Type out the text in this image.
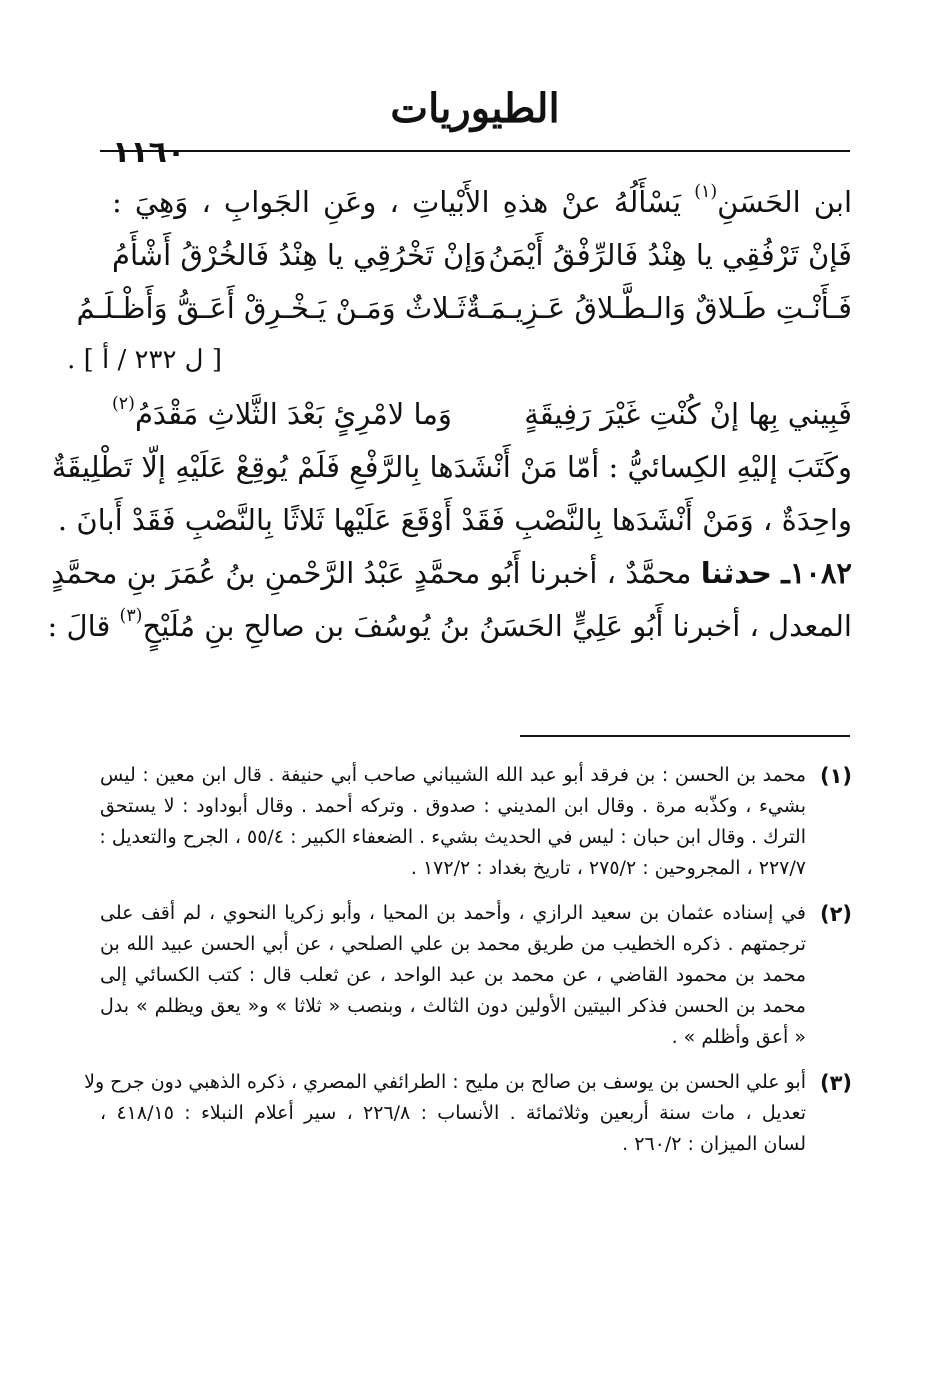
الطيوريات
١١٦٠
ابن الحَسَنِ$^{(١)}$ يَسْأَلُهُ عنْ هذهِ الأَبْياتِ ، وعَنِ الجَوابِ ، وَهِيَ :
فَإنْ تَرْفُقِي يا هِنْدُ فَالرِّفْقُ أَيْمَنُ
وَإنْ تَخْرُقِي يا هِنْدُ فَالخُرْقُ أَشْأَمُ
فَـأَنْـتِ طَـلاقٌ وَالـطَّـلاقُ عَـزِيـمَـةٌ
ثَـلاثٌ وَمَـنْ يَـخْـرِقْ أَعَـقُّ وَأَظْـلَـمُ
[ ل ٢٣٢ / أ ] .
فَبِيني بِها إنْ كُنْتِ غَيْرَ رَفِيقَةٍ
وَما لامْرِئٍ بَعْدَ الثَّلاثِ مَقْدَمُ$^{(٢)}$
وكَتَبَ إليْهِ الكِسائيُّ : أمّا مَنْ أَنْشَدَها بِالرَّفْعِ فَلَمْ يُوقِعْ عَلَيْهِ إلّا تَطْلِيقَةٌ
واحِدَةٌ ، وَمَنْ أَنْشَدَها بِالنَّصْبِ فَقَدْ أَوْقَعَ عَلَيْها ثَلاثًا بِالنَّصْبِ فَقَدْ أَبانَ .
١٠٨٢ـ حدثنا محمَّدٌ ، أخبرنا أَبُو محمَّدٍ عَبْدُ الرَّحْمنِ بنُ عُمَرَ بنِ محمَّدٍ
المعدل ، أخبرنا أَبُو عَلِيٍّ الحَسَنُ بنُ يُوسُفَ بن صالحِ بنِ مُلَيْحٍ$^{(٣)}$ قالَ :
(١)
محمد بن الحسن : بن فرقد أبو عبد الله الشيباني صاحب أبي حنيفة . قال ابن معين : ليس
بشيء ، وكذّبه مرة . وقال ابن المديني : صدوق . وتركه أحمد . وقال أبوداود : لا يستحق
الترك . وقال ابن حبان : ليس في الحديث بشيء . الضعفاء الكبير : ٥٥/٤ ، الجرح والتعديل :
٢٢٧/٧ ، المجروحين : ٢٧٥/٢ ، تاريخ بغداد : ١٧٢/٢ .
(٢)
في إسناده عثمان بن سعيد الرازي ، وأحمد بن المحيا ، وأبو زكريا النحوي ، لم أقف على
ترجمتهم . ذكره الخطيب من طريق محمد بن علي الصلحي ، عن أبي الحسن عبيد الله بن
محمد بن محمود القاضي ، عن محمد بن عبد الواحد ، عن ثعلب قال : كتب الكسائي إلى
محمد بن الحسن فذكر البيتين الأولين دون الثالث ، وبنصب « ثلاثا » و« يعق ويظلم » بدل
« أعق وأظلم » .
(٣)
أبو علي الحسن بن يوسف بن صالح بن مليح : الطرائفي المصري ، ذكره الذهبي دون جرح ولا
تعديل ، مات سنة أربعين وثلاثمائة . الأنساب : ٢٢٦/٨ ، سير أعلام النبلاء : ٤١٨/١٥ ،
لسان الميزان : ٢٦٠/٢ .
